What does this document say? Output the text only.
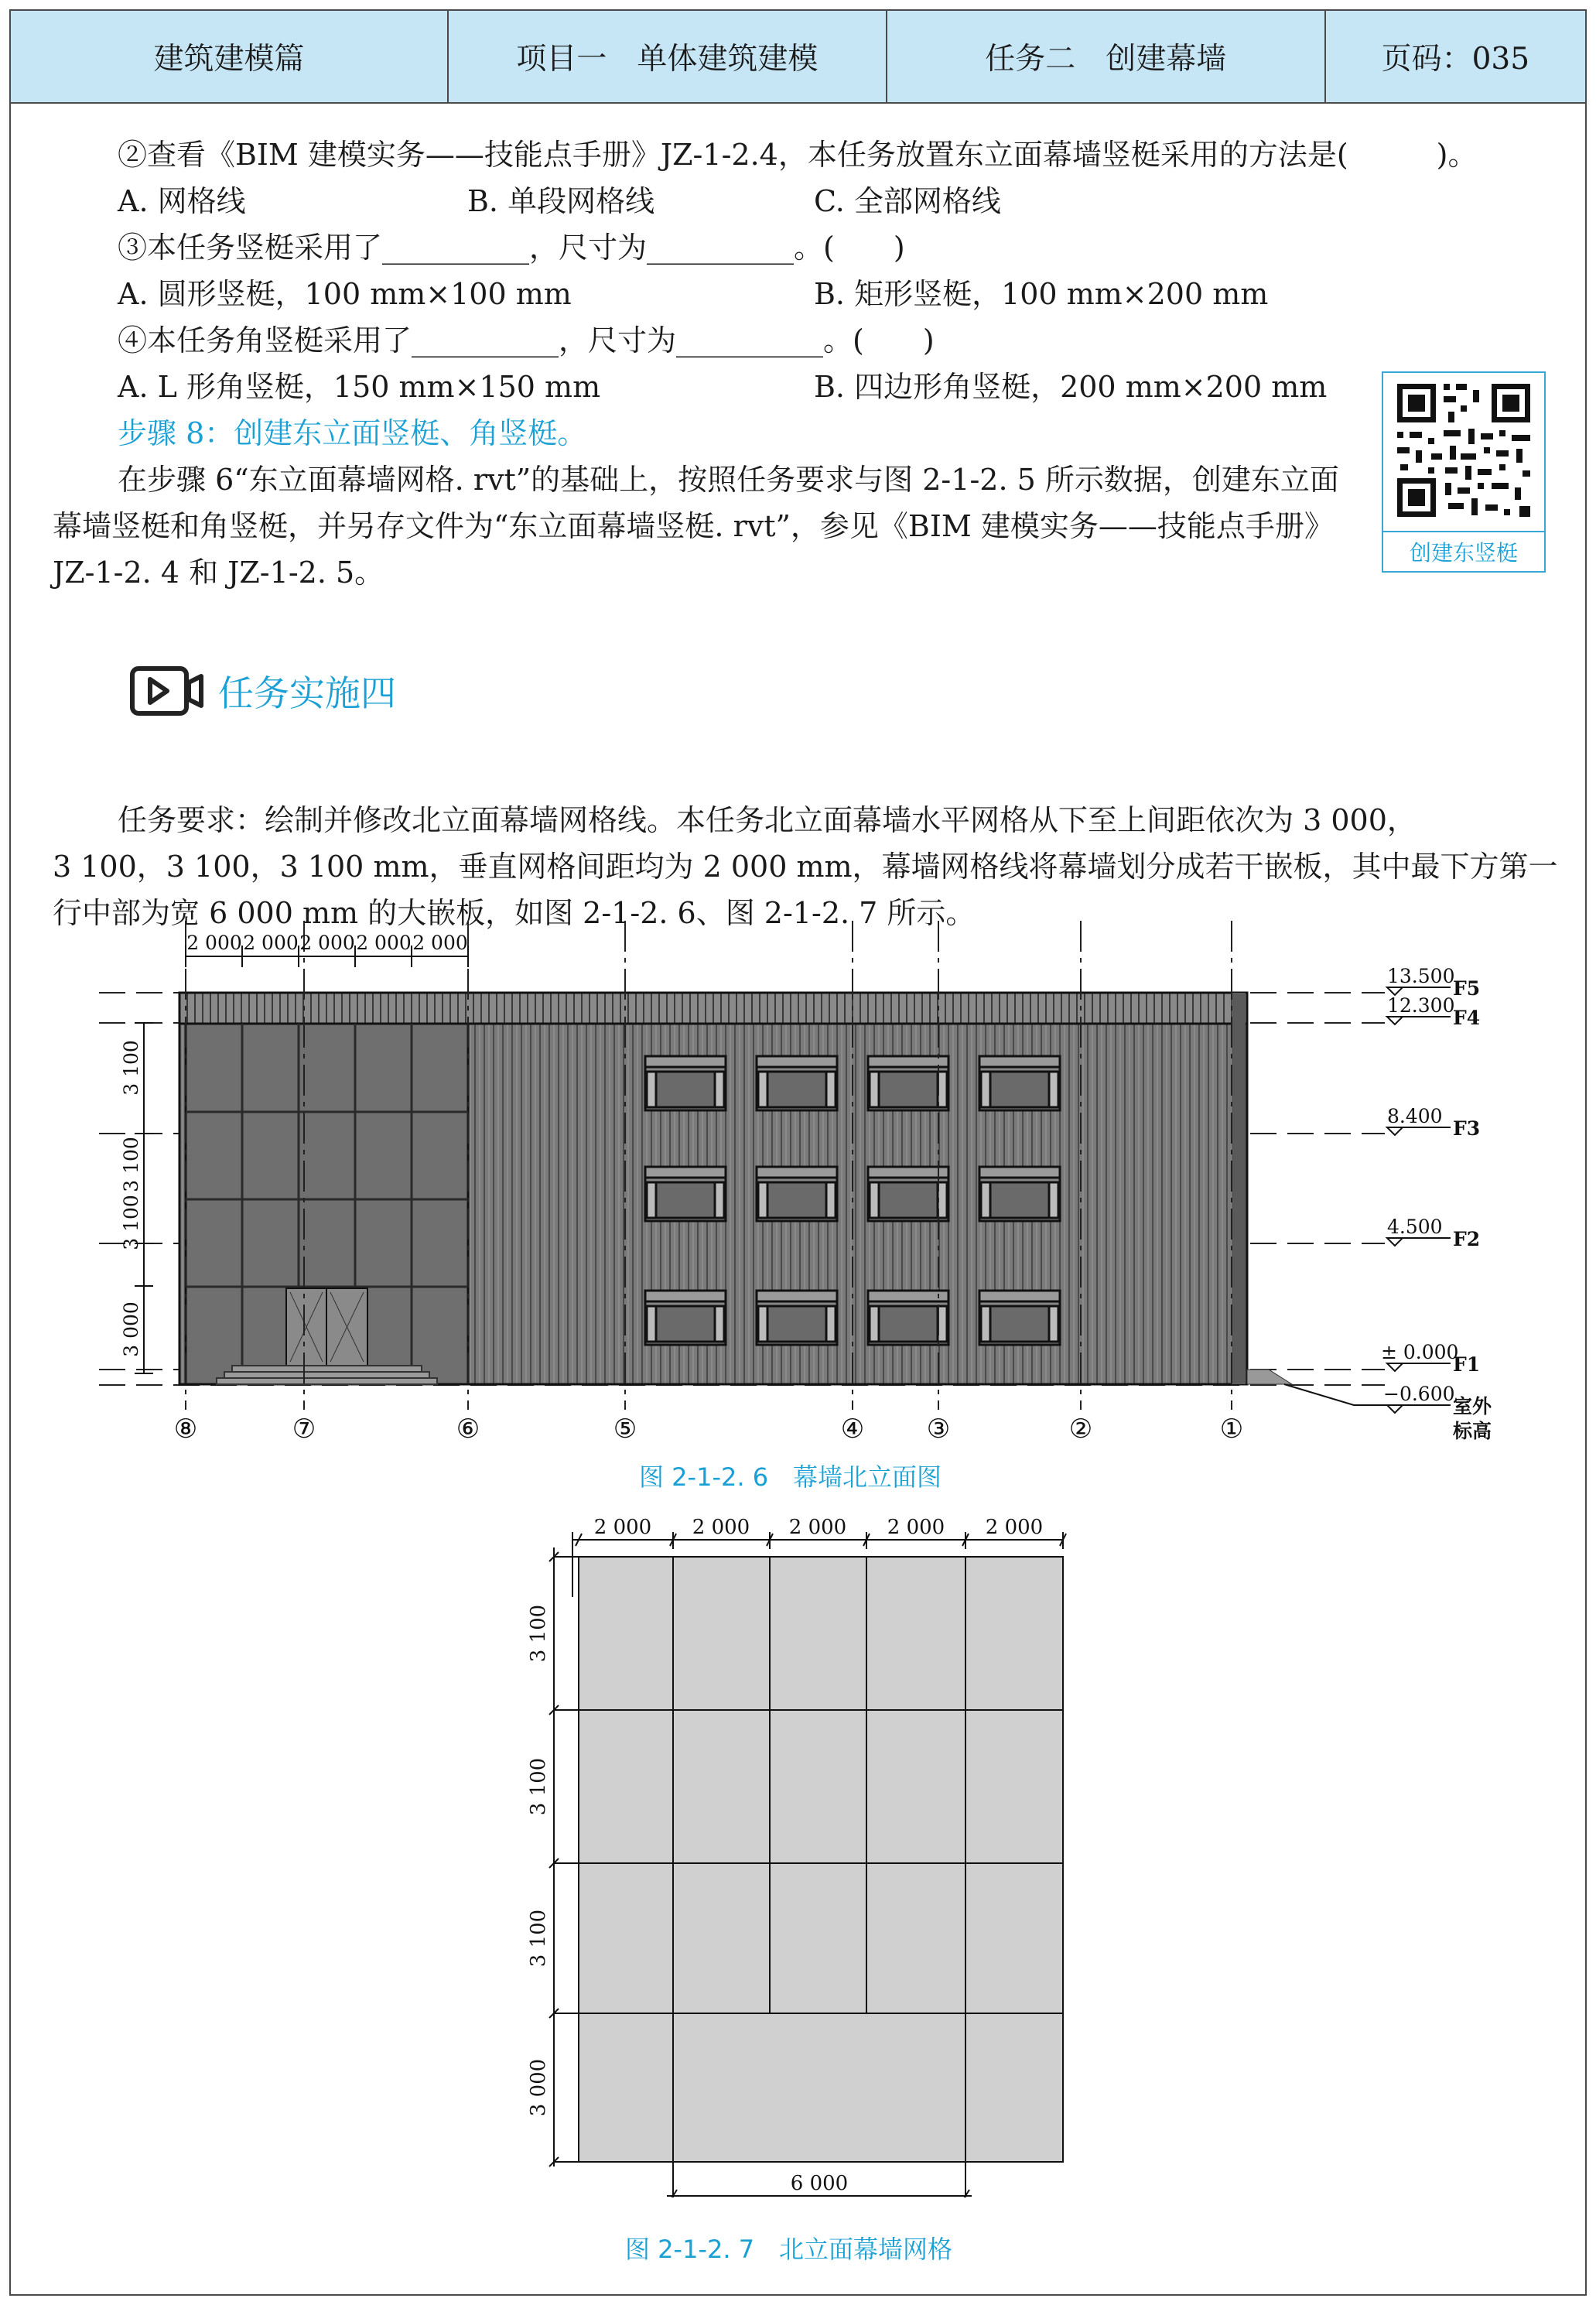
建筑建模篇	项目一　单体建筑建模	任务二　创建幕墙	页码：035
②查看《BIM 建模实务——技能点手册》JZ-1-2.4，本任务放置东立面幕墙竖梃采用的方法是(　　　)。
A. 网格线	B. 单段网格线	C. 全部网格线
③本任务竖梃采用了__________，尺寸为__________。(　　)
A. 圆形竖梃，100 mm×100 mm	B. 矩形竖梃，100 mm×200 mm
④本任务角竖梃采用了__________，尺寸为__________。(　　)
A. L 形角竖梃，150 mm×150 mm	B. 四边形角竖梃，200 mm×200 mm
步骤 8：创建东立面竖梃、角竖梃。
在步骤 6“东立面幕墙网格. rvt”的基础上，按照任务要求与图 2-1-2. 5 所示数据，创建东立面
幕墙竖梃和角竖梃，并另存文件为“东立面幕墙竖梃. rvt”，参见《BIM 建模实务——技能点手册》
JZ-1-2. 4 和 JZ-1-2. 5。
创建东竖梃
任务实施四
任务要求：绘制并修改北立面幕墙网格线。本任务北立面幕墙水平网格从下至上间距依次为 3 000，
3 100，3 100，3 100 mm，垂直网格间距均为 2 000 mm，幕墙网格线将幕墙划分成若干嵌板，其中最下方第一
行中部为宽 6 000 mm 的大嵌板，如图 2-1-2. 6、图 2-1-2. 7 所示。
2 000 2 000 2 000 2 000 2 000
3 100
3 100
3 100
3 000
13.500
F5
12.300
F4
8.400
F3
4.500
F2
± 0.000
F1
−0.600
室外
标高
⑧	⑦	⑥	⑤	④ ③	②	①
图 2-1-2. 6　幕墙北立面图
2 000 2 000 2 000 2 000 2 000
3 100
3 100
3 100
3 000
6 000
图 2-1-2. 7　北立面幕墙网格
